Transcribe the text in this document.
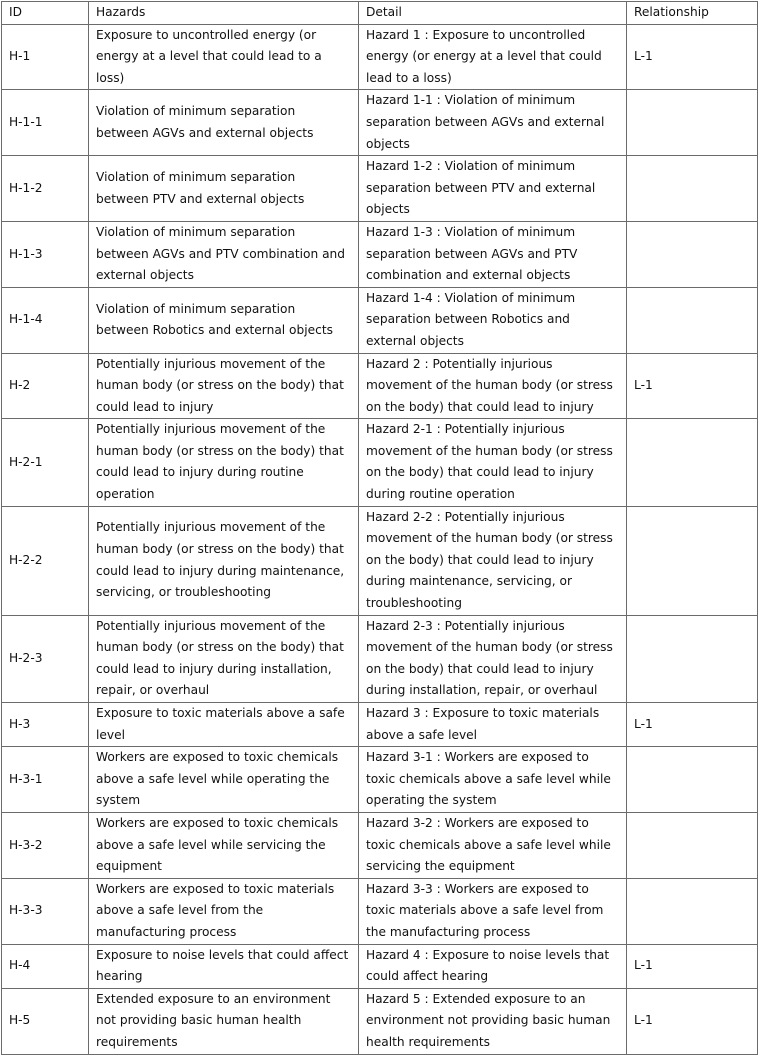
ID	Hazards	Detail	Relationship
H-1	Exposure to uncontrolled energy (or energy at a level that could lead to a loss)	Hazard 1 : Exposure to uncontrolled energy (or energy at a level that could lead to a loss)	L-1
H-1-1	Violation of minimum separation between AGVs and external objects	Hazard 1-1 : Violation of minimum separation between AGVs and external objects	
H-1-2	Violation of minimum separation between PTV and external objects	Hazard 1-2 : Violation of minimum separation between PTV and external objects	
H-1-3	Violation of minimum separation between AGVs and PTV combination and external objects	Hazard 1-3 : Violation of minimum separation between AGVs and PTV combination and external objects	
H-1-4	Violation of minimum separation between Robotics and external objects	Hazard 1-4 : Violation of minimum separation between Robotics and external objects	
H-2	Potentially injurious movement of the human body (or stress on the body) that could lead to injury	Hazard 2 : Potentially injurious movement of the human body (or stress on the body) that could lead to injury	L-1
H-2-1	Potentially injurious movement of the human body (or stress on the body) that could lead to injury during routine operation	Hazard 2-1 : Potentially injurious movement of the human body (or stress on the body) that could lead to injury during routine operation	
H-2-2	Potentially injurious movement of the human body (or stress on the body) that could lead to injury during maintenance, servicing, or troubleshooting	Hazard 2-2 : Potentially injurious movement of the human body (or stress on the body) that could lead to injury during maintenance, servicing, or troubleshooting	
H-2-3	Potentially injurious movement of the human body (or stress on the body) that could lead to injury during installation, repair, or overhaul	Hazard 2-3 : Potentially injurious movement of the human body (or stress on the body) that could lead to injury during installation, repair, or overhaul	
H-3	Exposure to toxic materials above a safe level	Hazard 3 : Exposure to toxic materials above a safe level	L-1
H-3-1	Workers are exposed to toxic chemicals above a safe level while operating the system	Hazard 3-1 : Workers are exposed to toxic chemicals above a safe level while operating the system	
H-3-2	Workers are exposed to toxic chemicals above a safe level while servicing the equipment	Hazard 3-2 : Workers are exposed to toxic chemicals above a safe level while servicing the equipment	
H-3-3	Workers are exposed to toxic materials above a safe level from the manufacturing process	Hazard 3-3 : Workers are exposed to toxic materials above a safe level from the manufacturing process	
H-4	Exposure to noise levels that could affect hearing	Hazard 4 : Exposure to noise levels that could affect hearing	L-1
H-5	Extended exposure to an environment not providing basic human health requirements	Hazard 5 : Extended exposure to an environment not providing basic human health requirements	L-1
